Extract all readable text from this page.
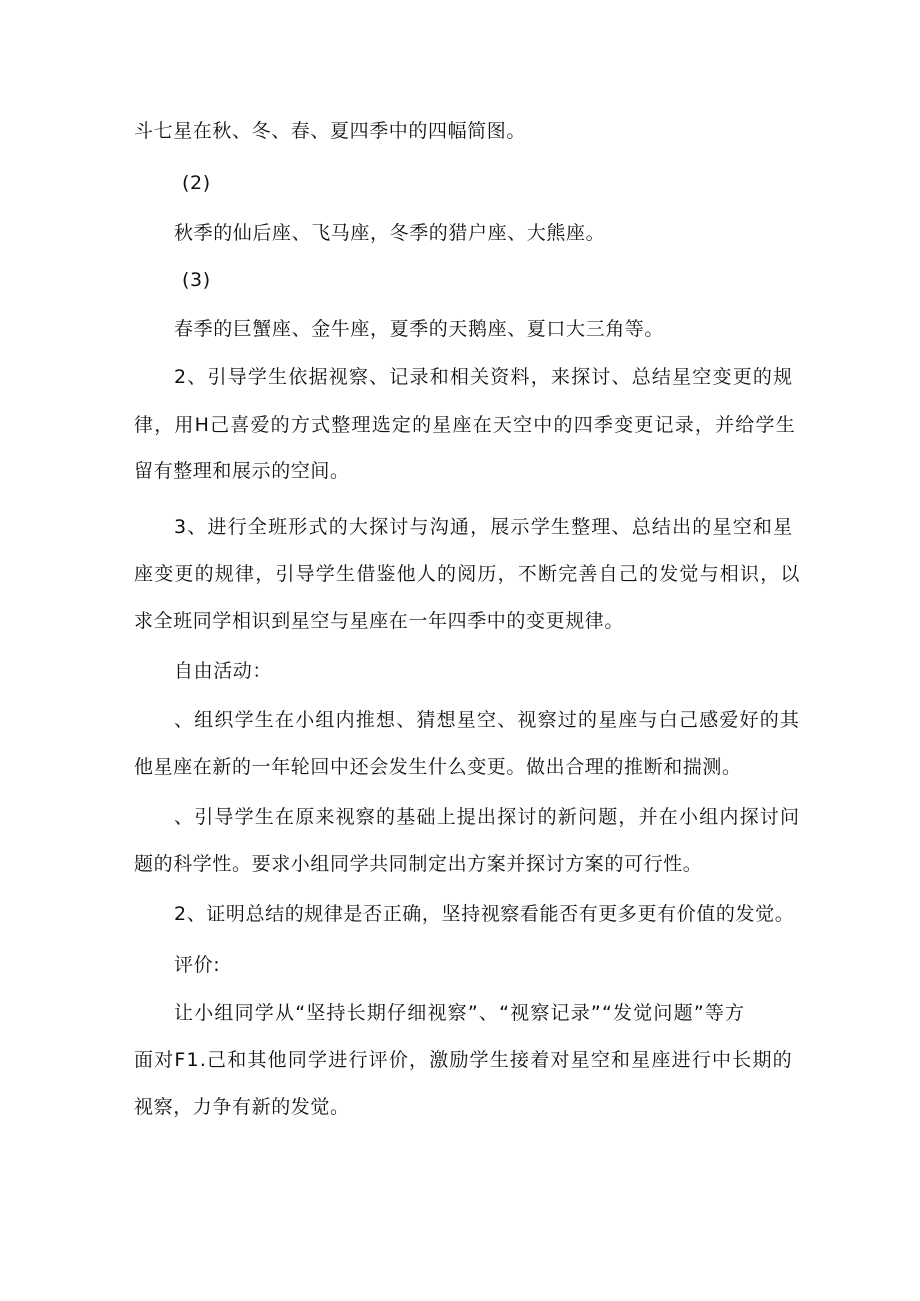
斗七星在秋、冬、春、夏四季中的四幅简图。
(2)
秋季的仙后座、飞马座，冬季的猎户座、大熊座。
(3)
春季的巨蟹座、金牛座，夏季的天鹅座、夏口大三角等。
2、引导学生依据视察、记录和相关资料，来探讨、总结星空变更的规
律，用H己喜爱的方式整理选定的星座在天空中的四季变更记录，并给学生
留有整理和展示的空间。
3、进行全班形式的大探讨与沟通，展示学生整理、总结出的星空和星
座变更的规律，引导学生借鉴他人的阅历，不断完善自己的发觉与相识，以
求全班同学相识到星空与星座在一年四季中的变更规律。
自由活动：
、组织学生在小组内推想、猜想星空、视察过的星座与白己感爱好的其
他星座在新的一年轮回中还会发生什么变更。做出合理的推断和揣测。
、引导学生在原来视察的基础上提出探讨的新问题，并在小组内探讨问
题的科学性。要求小组同学共同制定出方案并探讨方案的可行性。
2、证明总结的规律是否正确，坚持视察看能否有更多更有价值的发觉。
评价:
让小组同学从“坚持长期仔细视察”、“视察记录”“发觉问题”等方
面对F1.己和其他同学进行评价，激励学生接着对星空和星座进行中长期的
视察，力争有新的发觉。
